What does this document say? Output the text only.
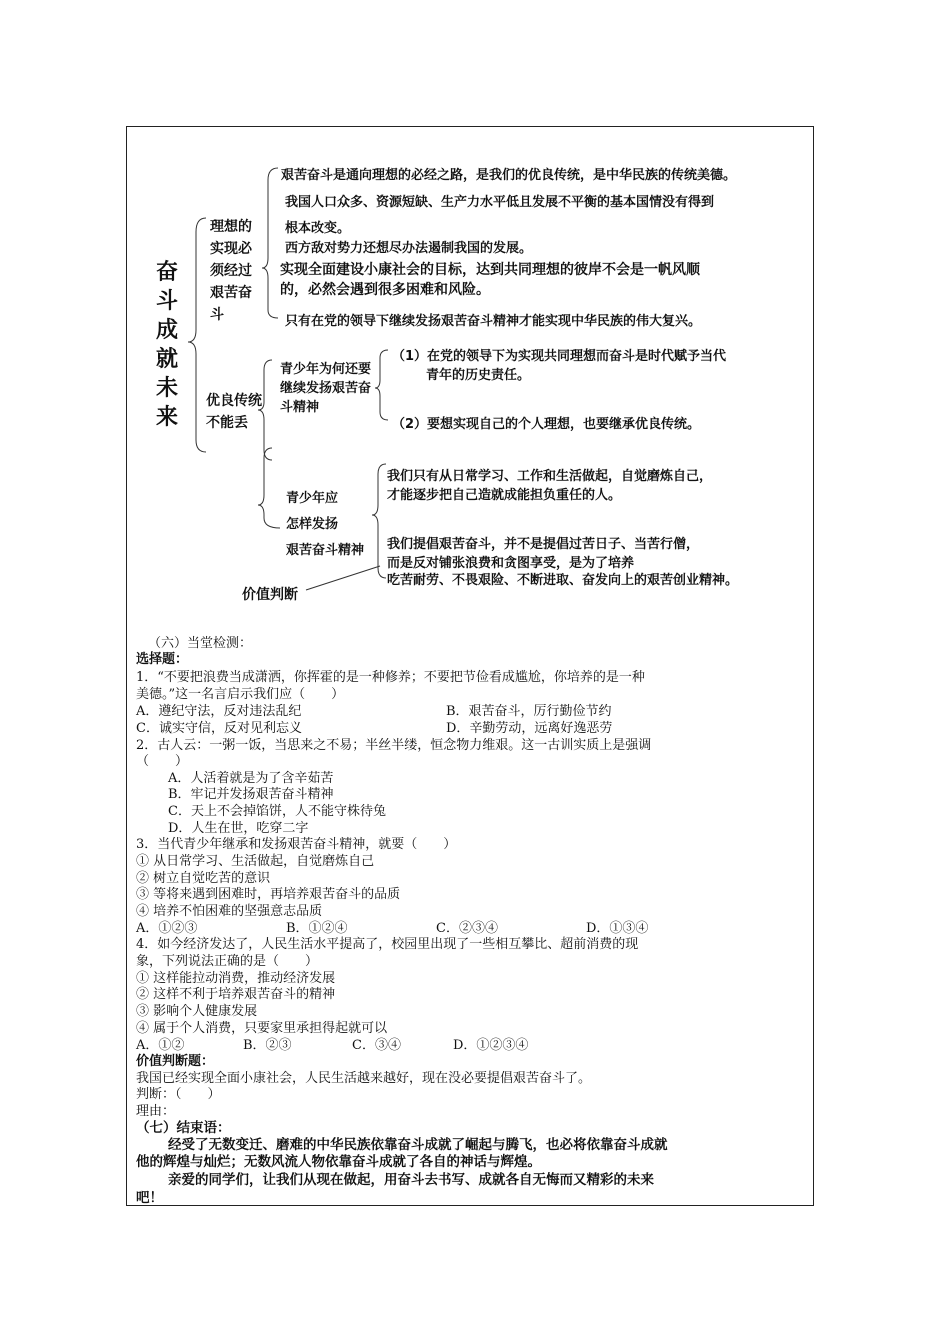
奋斗成就未来
理想的实现必须经过艰苦奋斗
艰苦奋斗是通向理想的必经之路，是我们的优良传统，是中华民族的传统美德。
我国人口众多、资源短缺、生产力水平低且发展不平衡的基本国情没有得到
根本改变。
西方敌对势力还想尽办法遏制我国的发展。
实现全面建设小康社会的目标，达到共同理想的彼岸不会是一帆风顺
的，必然会遇到很多困难和风险。
只有在党的领导下继续发扬艰苦奋斗精神才能实现中华民族的伟大复兴。
优良传统不能丢
青少年为何还要继续发扬艰苦奋斗精神
（1）在党的领导下为实现共同理想而奋斗是时代赋予当代
青年的历史责任。
（2）要想实现自己的个人理想，也要继承优良传统。
青少年应
怎样发扬
艰苦奋斗精神
我们只有从日常学习、工作和生活做起，自觉磨炼自己，
才能逐步把自己造就成能担负重任的人。
我们提倡艰苦奋斗，并不是提倡过苦日子、当苦行僧，
而是反对铺张浪费和贪图享受，是为了培养
吃苦耐劳、不畏艰险、不断进取、奋发向上的艰苦创业精神。
价值判断
（六）当堂检测：
选择题：
1．“不要把浪费当成潇洒，你挥霍的是一种修养；不要把节俭看成尴尬，你培养的是一种
美德。”这一名言启示我们应（　　）
A．遵纪守法，反对违法乱纪	B．艰苦奋斗，厉行勤俭节约
C．诚实守信，反对见利忘义	D．辛勤劳动，远离好逸恶劳
2．古人云：一粥一饭，当思来之不易；半丝半缕，恒念物力维艰。这一古训实质上是强调
（　　）
A．人活着就是为了含辛茹苦
B．牢记并发扬艰苦奋斗精神
C．天上不会掉馅饼，人不能守株待兔
D．人生在世，吃穿二字
3．当代青少年继承和发扬艰苦奋斗精神，就要（　　）
① 从日常学习、生活做起，自觉磨炼自己
② 树立自觉吃苦的意识
③ 等将来遇到困难时，再培养艰苦奋斗的品质
④ 培养不怕困难的坚强意志品质
A．①②③	B．①②④	C．②③④	D．①③④
4．如今经济发达了，人民生活水平提高了，校园里出现了一些相互攀比、超前消费的现
象，下列说法正确的是（　　）
① 这样能拉动消费，推动经济发展
② 这样不利于培养艰苦奋斗的精神
③ 影响个人健康发展
④ 属于个人消费，只要家里承担得起就可以
A．①②	B．②③	C．③④	D．①②③④
价值判断题：
我国已经实现全面小康社会，人民生活越来越好，现在没必要提倡艰苦奋斗了。
判断：（　　）
理由：
（七）结束语：
经受了无数变迁、磨难的中华民族依靠奋斗成就了崛起与腾飞，也必将依靠奋斗成就
他的辉煌与灿烂；无数风流人物依靠奋斗成就了各自的神话与辉煌。
亲爱的同学们，让我们从现在做起，用奋斗去书写、成就各自无悔而又精彩的未来
吧！
